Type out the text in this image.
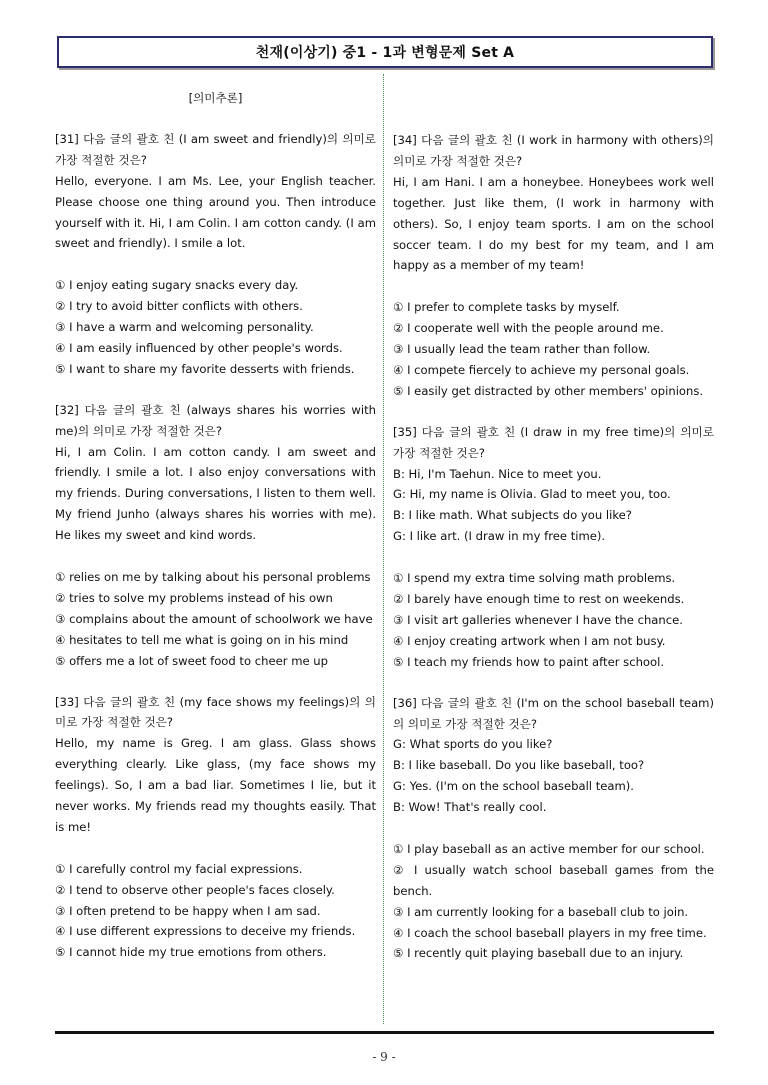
천재(이상기) 중1 - 1과 변형문제 Set A
[의미추론]

[31] 다음 글의 괄호 친 (I am sweet and friendly)의 의미로 가장 적절한 것은?

Hello, everyone. I am Ms. Lee, your English teacher. Please choose one thing around you. Then introduce yourself with it. Hi, I am Colin. I am cotton candy. (I am sweet and friendly). I smile a lot.

① I enjoy eating sugary snacks every day.

② I try to avoid bitter conflicts with others.

③ I have a warm and welcoming personality.

④ I am easily influenced by other people's words.

⑤ I want to share my favorite desserts with friends.

[32] 다음 글의 괄호 친 (always shares his worries with me)의 의미로 가장 적절한 것은?

Hi, I am Colin. I am cotton candy. I am sweet and friendly. I smile a lot. I also enjoy conversations with my friends. During conversations, I listen to them well. My friend Junho (always shares his worries with me). He likes my sweet and kind words.

① relies on me by talking about his personal problems

② tries to solve my problems instead of his own

③ complains about the amount of schoolwork we have

④ hesitates to tell me what is going on in his mind

⑤ offers me a lot of sweet food to cheer me up

[33] 다음 글의 괄호 친 (my face shows my feelings)의 의미로 가장 적절한 것은?

Hello, my name is Greg. I am glass. Glass shows everything clearly. Like glass, (my face shows my feelings). So, I am a bad liar. Sometimes I lie, but it never works. My friends read my thoughts easily. That is me!

① I carefully control my facial expressions.

② I tend to observe other people's faces closely.

③ I often pretend to be happy when I am sad.

④ I use different expressions to deceive my friends.

⑤ I cannot hide my true emotions from others.

[34] 다음 글의 괄호 친 (I work in harmony with others)의 의미로 가장 적절한 것은?

Hi, I am Hani. I am a honeybee. Honeybees work well together. Just like them, (I work in harmony with others). So, I enjoy team sports. I am on the school soccer team. I do my best for my team, and I am happy as a member of my team!

① I prefer to complete tasks by myself.

② I cooperate well with the people around me.

③ I usually lead the team rather than follow.

④ I compete fiercely to achieve my personal goals.

⑤ I easily get distracted by other members' opinions.

[35] 다음 글의 괄호 친 (I draw in my free time)의 의미로 가장 적절한 것은?

B: Hi, I'm Taehun. Nice to meet you.

G: Hi, my name is Olivia. Glad to meet you, too.

B: I like math. What subjects do you like?

G: I like art. (I draw in my free time).

① I spend my extra time solving math problems.

② I barely have enough time to rest on weekends.

③ I visit art galleries whenever I have the chance.

④ I enjoy creating artwork when I am not busy.

⑤ I teach my friends how to paint after school.

[36] 다음 글의 괄호 친 (I'm on the school baseball team)의 의미로 가장 적절한 것은?

G: What sports do you like?

B: I like baseball. Do you like baseball, too?

G: Yes. (I'm on the school baseball team).

B: Wow! That's really cool.

① I play baseball as an active member for our school.

② I usually watch school baseball games from the bench.

③ I am currently looking for a baseball club to join.

④ I coach the school baseball players in my free time.

⑤ I recently quit playing baseball due to an injury.

- 9 -
